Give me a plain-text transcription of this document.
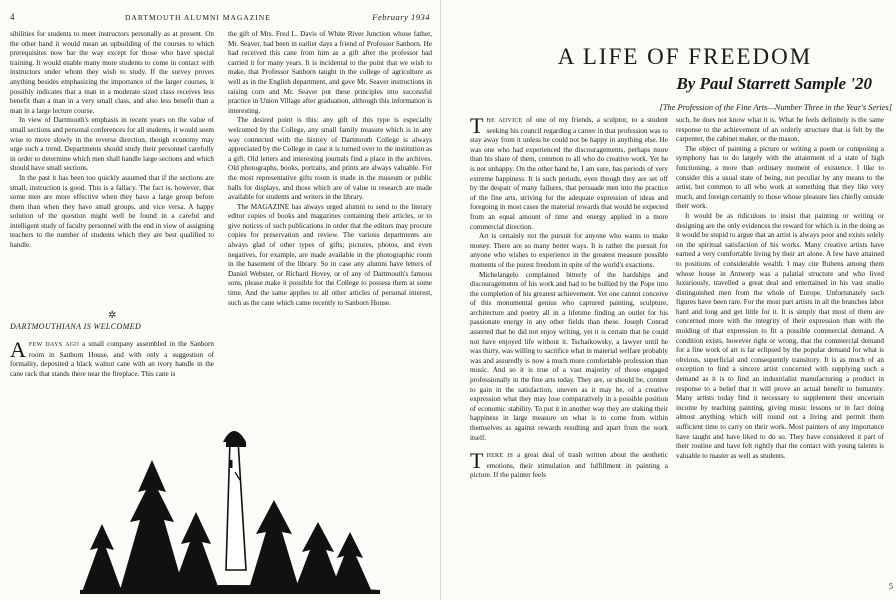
4	DARTMOUTH ALUMNI MAGAZINE	February 1934

sibilities for students to meet instructors personally as at present. On the other hand it would mean an upbuilding of the courses to which prerequisites now bar the way except for those who have special training. It would enable many more students to come in contact with instructors under whom they wish to study. If the survey proves anything besides emphasizing the importance of the larger courses, it possibly indicates that a man in a moderate sized class receives less benefit than a man in a very small class, and also less benefit than a man in a large lecture course.

In view of Dartmouth's emphasis in recent years on the value of small sections and personal conferences for all students, it would seem wise to move slowly in the reverse direction, though economy may urge such a trend. Departments should study their personnel carefully in order to determine which men shall handle large sections and which should have small sections.

In the past it has been too quickly assumed that if the sections are small, instruction is good. This is a fallacy. The fact is, however, that some men are more effective when they have a large group before them than when they have small groups, and vice versa. A happy solution of the question might well be found in a careful and intelligent study of faculty personnel with the end in view of assigning teachers to the number of students which they are best qualified to handle.

✲
DARTMOUTHIANA IS WELCOMED

AFEW DAYS AGO a small company assembled in the Sanborn room in Sanborn House, and with only a suggestion of formality, deposited a black walnut cane with an ivory handle in the cane rack that stands there near the fireplace. This cane is

the gift of Mrs. Fred L. Davis of White River Junction whose father, Mr. Seaver, had been in earlier days a friend of Professor Sanborn. He had received this cane from him as a gift after the professor had carried it for many years. It is incidental to the point that we wish to make, that Professor Sanborn taught in the college of agriculture as well as in the English department, and gave Mr. Seaver instructions in raising corn and Mr. Seaver put these principles into successful practice in Union Village after graduation, although this information is interesting.

The desired point is this: any gift of this type is especially welcomed by the College, any small family treasure which is in any way connected with the history of Dartmouth College is always appreciated by the College in case it is turned over to the institution as a gift. Old letters and interesting journals find a place in the archives. Old photographs, books, portraits, and prints are always valuable. For the most representative gifts room is made in the museum or public halls for displays, and those which are of value in research are made available for students and writers in the library.

The MAGAZINE has always urged alumni to send to the literary editor copies of books and magazines containing their articles, or to give notices of such publications in order that the editors may procure copies for preservation and review. The various departments are always glad of other types of gifts; pictures, photos, and even negatives, for example, are made available in the photographic room in the basement of the library. So in case any alumni have letters of Daniel Webster, or Richard Hovey, or of any of Dartmouth's famous sons, please make it possible for the College to possess them at some time. And the same applies to all other articles of personal interest, such as the cane which came recently to Sanborn House.

A LIFE OF FREEDOM
By Paul Starrett Sample '20
[The Profession of the Fine Arts—Number Three in the Year's Series]

THE ADVICE of one of my friends, a sculptor, to a student seeking his council regarding a career in that profession was to stay away from it unless he could not be happy in anything else. He was one who had experienced the discouragements, perhaps more than his share of them, common to all who do creative work. Yet he is not unhappy. On the other hand he, I am sure, has periods of very extreme happiness. It is such periods, even though they are set off by the despair of many failures, that persuade men into the practice of the fine arts, striving for the adequate expression of ideas and foregoing in most cases the material rewards that would be expected from an equal amount of time and energy applied in a more commercial direction.

Art is certainly not the pursuit for anyone who wants to make money. There are so many better ways. It is rather the pursuit for anyone who wishes to experience in the greatest measure possible moments of the purest freedom in spite of the world's exactions.

Michelangelo complained bitterly of the hardships and discouragements of his work and had to be bullied by the Pope into the completion of his greatest achievement. Yet one cannot conceive of this monumental genius who captured painting, sculpture, architecture and poetry all in a lifetime finding an outlet for his passionate energy in any other fields than these. Joseph Conrad asserted that he did not enjoy writing, yet it is certain that he could not have enjoyed life without it. Tschaikowsky, a lawyer until he was thirty, was willing to sacrifice what in material welfare probably was and assuredly is now a much more comfortable profession than music. And so it is true of a vast majority of those engaged professionally in the fine arts today. They are, or should be, content to gain in the satisfaction, uneven as it may be, of a creative expression what they may lose comparatively in a possible position of economic stability. To put it in another way they are staking their happiness in large measure on what is to come from within themselves as against rewards resulting and apart from the work itself.

THERE IS a great deal of trash written about the aesthetic emotions, their stimulation and fulfillment in painting a picture. If the painter feels

such, he does not know what it is. What he feels definitely is the same response to the achievement of an orderly structure that is felt by the carpenter, the cabinet maker, or the mason.

The object of painting a picture or writing a poem or composing a symphony has to do largely with the attainment of a state of high functioning, a more than ordinary moment of existence. I like to consider this a usual state of being, not peculiar by any means to the artist, but common to all who work at something that they like very much, and foreign certainly to those whose pleasure lies chiefly outside their work.

It would be as ridiculous to insist that painting or writing or designing are the only evidences the reward for which is in the doing as it would be stupid to argue that an artist is always poor and exists solely on the spiritual satisfaction of his works. Many creative artists have earned a very comfortable living by their art alone. A few have attained to positions of considerable wealth. I may cite Rubens among them whose house in Antwerp was a palatial structure and who lived luxuriously, travelled a great deal and entertained in his vast studio distinguished men from the whole of Europe. Unfortunately such figures have been rare. For the most part artists in all the branches labor hard and long and get little for it. It is simply that most of them are concerned more with the integrity of their expression than with the molding of that expression to fit a possible commercial demand. A condition exists, however right or wrong, that the commercial demand for a fine work of art is far eclipsed by the popular demand for what is obvious, superficial and consequently transitory. It is as much of an exception to find a sincere artist concerned with supplying such a demand as it is to find an industrialist manufacturing a product in response to a belief that it will prove an actual benefit to humanity. Many artists today find it necessary to supplement their uncertain income by teaching painting, giving music lessons or in fact doing almost anything which will round out a living and permit them sufficient time to carry on their work. Most painters of any importance have taught and have liked to do so. They have considered it part of their routine and have felt rightly that the contact with young talents is valuable to master as well as students.

5
